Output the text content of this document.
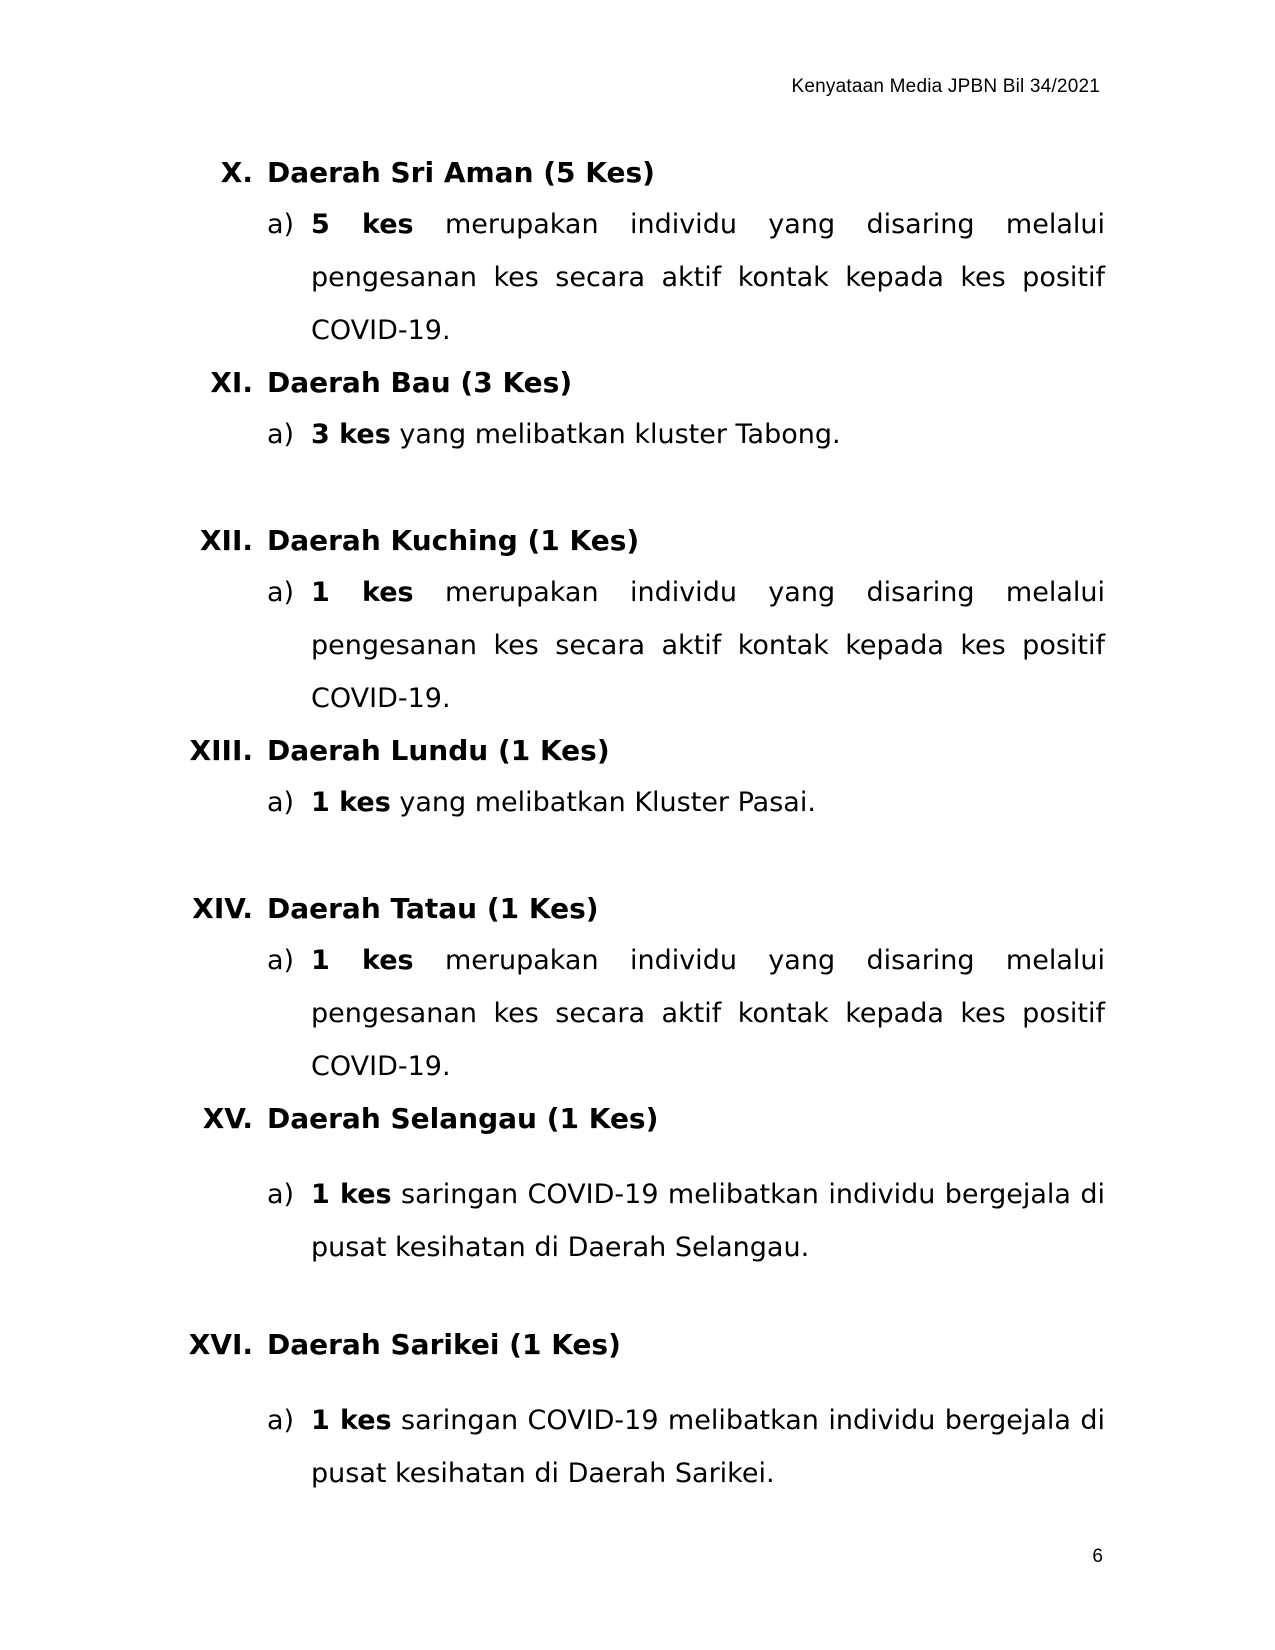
Kenyataan Media JPBN Bil 34/2021
X. Daerah Sri Aman (5 Kes)
a) 5 kes merupakan individu yang disaring melalui pengesanan kes secara aktif kontak kepada kes positif COVID-19.
XI. Daerah Bau (3 Kes)
a) 3 kes yang melibatkan kluster Tabong.
XII. Daerah Kuching (1 Kes)
a) 1 kes merupakan individu yang disaring melalui pengesanan kes secara aktif kontak kepada kes positif COVID-19.
XIII. Daerah Lundu (1 Kes)
a) 1 kes yang melibatkan Kluster Pasai.
XIV. Daerah Tatau (1 Kes)
a) 1 kes merupakan individu yang disaring melalui pengesanan kes secara aktif kontak kepada kes positif COVID-19.
XV. Daerah Selangau (1 Kes)
a) 1 kes saringan COVID-19 melibatkan individu bergejala di pusat kesihatan di Daerah Selangau.
XVI. Daerah Sarikei (1 Kes)
a) 1 kes saringan COVID-19 melibatkan individu bergejala di pusat kesihatan di Daerah Sarikei.
6
